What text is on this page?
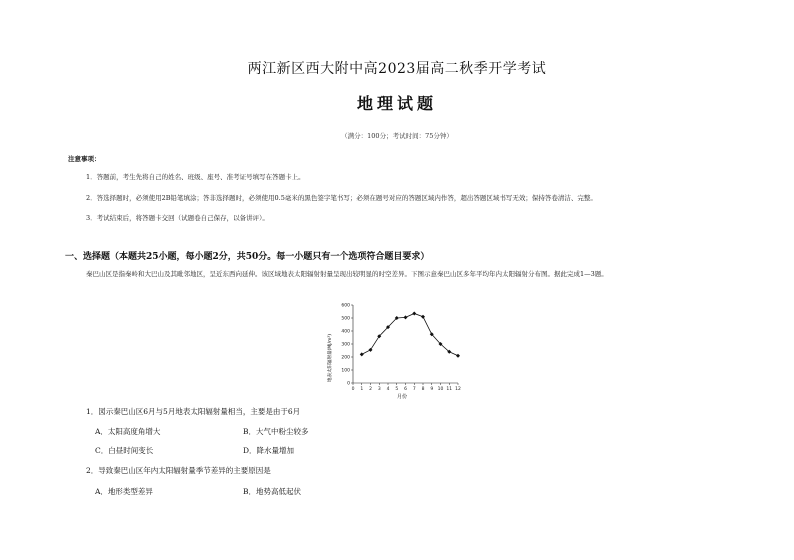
两江新区西大附中高2023届高二秋季开学考试
地理试题
（满分：100分；考试时间：75分钟）
注意事项：
1．答题前，考生先将自己的姓名、班级、座号、准考证号填写在答题卡上。
2．答选择题时，必须使用2B铅笔填涂；答非选择题时，必须使用0.5毫米的黑色签字笔书写；必须在题号对应的答题区域内作答，超出答题区域书写无效；保持答卷清洁、完整。
3．考试结束后，将答题卡交回（试题卷自己保存，以备讲评）。
一、选择题（本题共25小题，每小题2分，共50分。每一小题只有一个选项符合题目要求）
秦巴山区是指秦岭和大巴山及其毗邻地区，呈近东西向延伸。该区域地表太阳辐射射量呈现出较明显的时空差异。下图示意秦巴山区多年平均年内太阳辐射分布图。据此完成1—3题。
地表太阳辐射量(MJ/m²)
月份
0
100
200
300
400
500
600
0 1 2 3 4 5 6 7 8 9 10 11 12
1．図示秦巴山区6月与5月地表太阳辐射量相当，主要是由于6月
A．太阳高度角增大	B．大气中粉尘较多
C．白昼时间变长	D．降水量增加
2．导致秦巴山区年内太阳辐射量季节差异的主要原因是
A．地形类型差异	B．地势高低起伏
